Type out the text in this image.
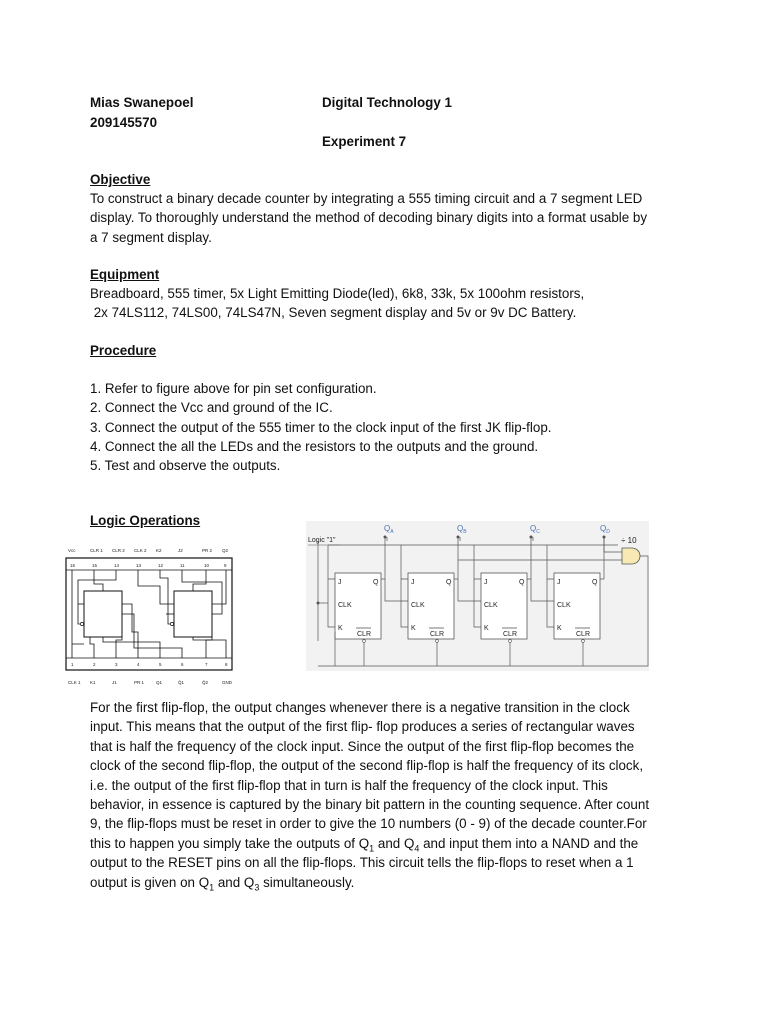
Mias Swanepoel
209145570
Digital Technology 1
Experiment 7
Objective
To construct a binary decade counter by integrating a 555 timing circuit and a 7 segment LED
display. To thoroughly understand the method of decoding binary digits into a format usable by
a 7 segment display.
Equipment
Breadboard, 555 timer, 5x Light Emitting Diode(led), 6k8, 33k, 5x 100ohm resistors,
2x 74LS112, 74LS00, 74LS47N, Seven segment display and 5v or 9v DC Battery.
Procedure
1. Refer to figure above for pin set configuration.
2. Connect the Vcc and ground of the IC.
3. Connect the output of the 555 timer to the clock input of the first JK flip-flop.
4. Connect the all the LEDs and the resistors to the outputs and the ground.
5. Test and observe the outputs.
Logic Operations
Vcc	CLR 1 CLR 2 CLK 2 K2	J2	PR 2 Q2
CLK 1 K1	J1	PR 1	Q1	Q̄1	Q̄2	GND
16	15	14	13	12	11	10	9
1	2	3	4	5	6	7	8
Logic "1"
J	Q
CLK
K
CLR
J	Q
CLK
K
CLR
J	Q
CLK
K
CLR
J	Q
CLK
K
CLR
$Q_A$	$Q_B$	$Q_C$	$Q_D$
÷ 10
For the first flip-flop, the output changes whenever there is a negative transition in the clock
input. This means that the output of the first flip- flop produces a series of rectangular waves
that is half the frequency of the clock input. Since the output of the first flip-flop becomes the
clock of the second flip-flop, the output of the second flip-flop is half the frequency of its clock,
i.e. the output of the first flip-flop that in turn is half the frequency of the clock input. This
behavior, in essence is captured by the binary bit pattern in the counting sequence. After count
9, the flip-flops must be reset in order to give the 10 numbers (0 - 9) of the decade counter.For
this to happen you simply take the outputs of $Q_1$ and $Q_4$ and input them into a NAND and the
output to the RESET pins on all the flip-flops. This circuit tells the flip-flops to reset when a 1
output is given on $Q_1$ and $Q_3$ simultaneously.
